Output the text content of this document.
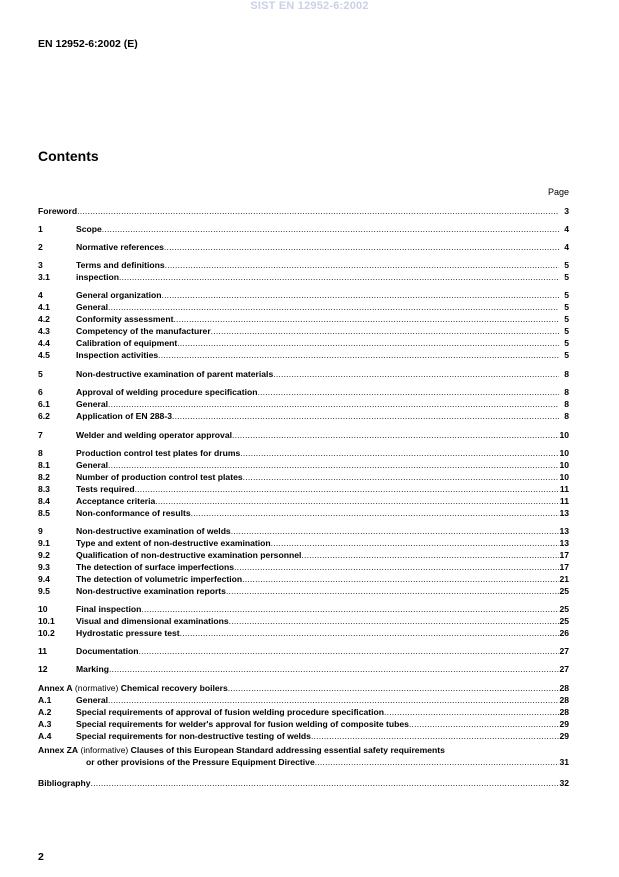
SIST EN 12952-6:2002
EN 12952-6:2002 (E)
Contents
Page
Foreword .....	3
1	Scope .....	4
2	Normative references .....	4
3	Terms and definitions .....	5
3.1	inspection .....	5
4	General organization .....	5
4.1	General .....	5
4.2	Conformity assessment .....	5
4.3	Competency of the manufacturer .....	5
4.4	Calibration of equipment .....	5
4.5	Inspection activities .....	5
5	Non-destructive examination of parent materials .....	8
6	Approval of welding procedure specification .....	8
6.1	General .....	8
6.2	Application of EN 288-3 .....	8
7	Welder and welding operator approval .....	10
8	Production control test plates for drums .....	10
8.1	General .....	10
8.2	Number of production control test plates .....	10
8.3	Tests required .....	11
8.4	Acceptance criteria .....	11
8.5	Non-conformance of results .....	13
9	Non-destructive examination of welds .....	13
9.1	Type and extent of non-destructive examination .....	13
9.2	Qualification of non-destructive examination personnel .....	17
9.3	The detection of surface imperfections .....	17
9.4	The detection of volumetric imperfection .....	21
9.5	Non-destructive examination reports .....	25
10	Final inspection .....	25
10.1	Visual and dimensional examinations .....	25
10.2	Hydrostatic pressure test .....	26
11	Documentation .....	27
12	Marking .....	27
Annex A (normative) Chemical recovery boilers .....	28
A.1	General .....	28
A.2	Special requirements of approval of fusion welding procedure specification .....	28
A.3	Special requirements for welder's approval for fusion welding of composite tubes .....	29
A.4	Special requirements for non-destructive testing of welds .....	29
Annex ZA (informative) Clauses of this European Standard addressing essential safety requirements
or other provisions of the Pressure Equipment Directive .....	31
Bibliography .....	32
2
